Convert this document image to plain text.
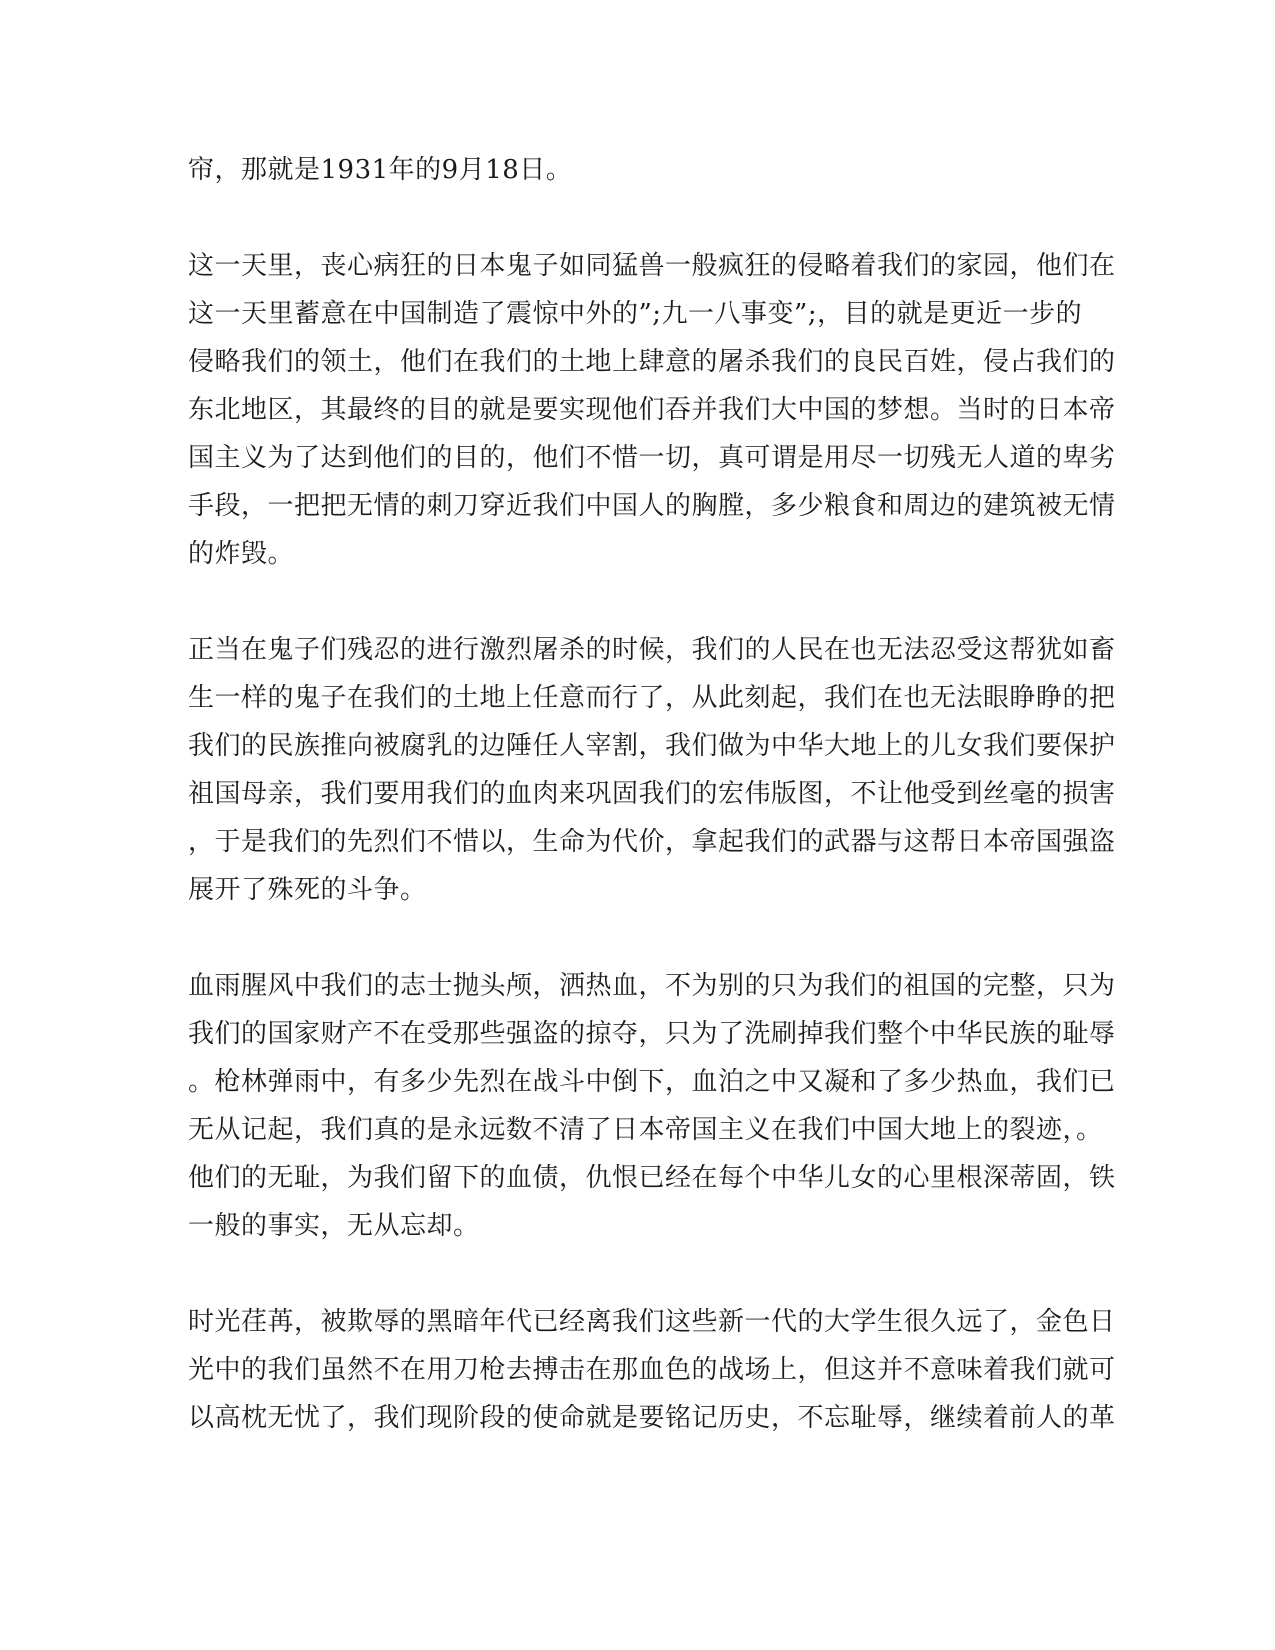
帘，那就是1931年的9月18日。
这一天里，丧心病狂的日本鬼子如同猛兽一般疯狂的侵略着我们的家园，他们在
这一天里蓄意在中国制造了震惊中外的”;九一八事变”;，目的就是更近一步的
侵略我们的领土，他们在我们的土地上肆意的屠杀我们的良民百姓，侵占我们的
东北地区，其最终的目的就是要实现他们吞并我们大中国的梦想。当时的日本帝
国主义为了达到他们的目的，他们不惜一切，真可谓是用尽一切残无人道的卑劣
手段，一把把无情的刺刀穿近我们中国人的胸膛，多少粮食和周边的建筑被无情
的炸毁。
正当在鬼子们残忍的进行激烈屠杀的时候，我们的人民在也无法忍受这帮犹如畜
生一样的鬼子在我们的土地上任意而行了，从此刻起，我们在也无法眼睁睁的把
我们的民族推向被腐乳的边陲任人宰割，我们做为中华大地上的儿女我们要保护
祖国母亲，我们要用我们的血肉来巩固我们的宏伟版图，不让他受到丝毫的损害
，于是我们的先烈们不惜以，生命为代价，拿起我们的武器与这帮日本帝国强盗
展开了殊死的斗争。
血雨腥风中我们的志士抛头颅，洒热血，不为别的只为我们的祖国的完整，只为
我们的国家财产不在受那些强盗的掠夺，只为了洗刷掉我们整个中华民族的耻辱
。枪林弹雨中，有多少先烈在战斗中倒下，血泊之中又凝和了多少热血，我们已
无从记起，我们真的是永远数不清了日本帝国主义在我们中国大地上的裂迹，。
他们的无耻，为我们留下的血债，仇恨已经在每个中华儿女的心里根深蒂固，铁
一般的事实，无从忘却。
时光荏苒，被欺辱的黑暗年代已经离我们这些新一代的大学生很久远了，金色日
光中的我们虽然不在用刀枪去搏击在那血色的战场上，但这并不意味着我们就可
以高枕无忧了，我们现阶段的使命就是要铭记历史，不忘耻辱，继续着前人的革
